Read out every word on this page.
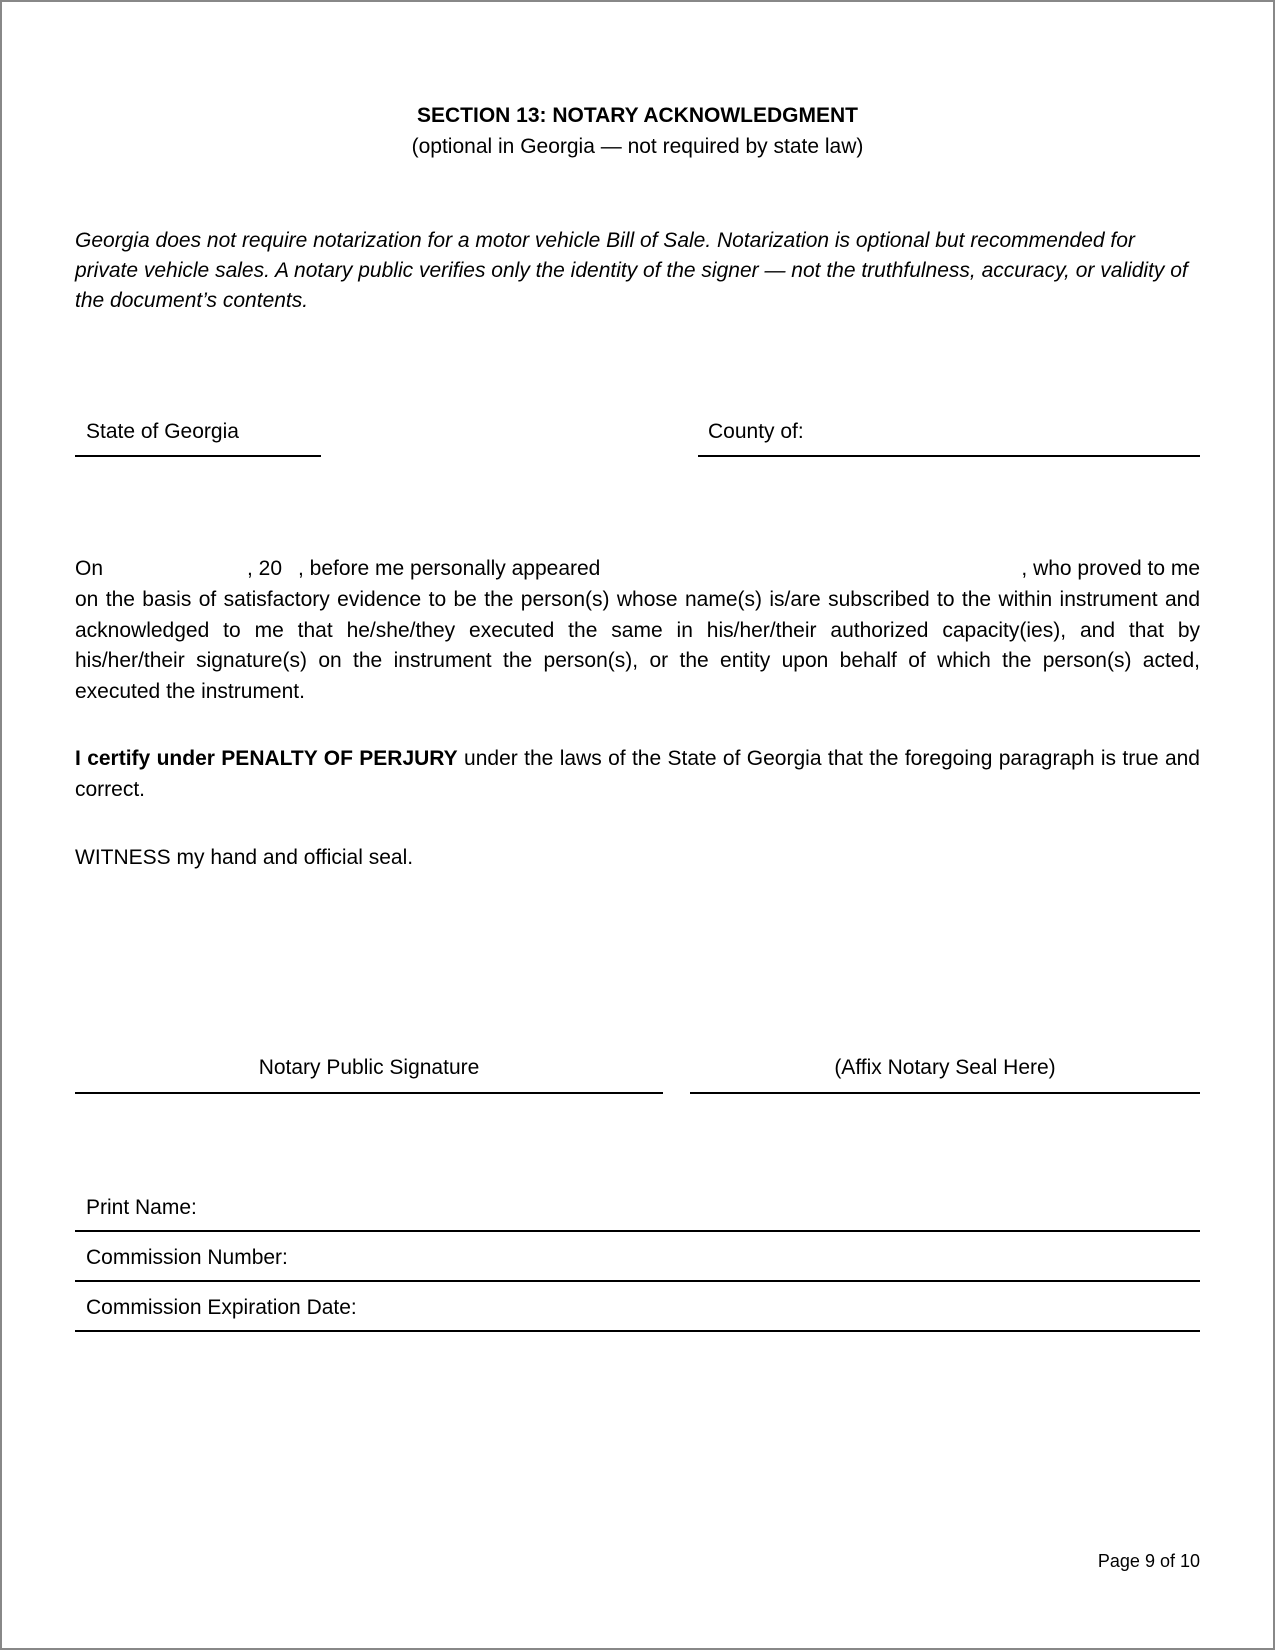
SECTION 13: NOTARY ACKNOWLEDGMENT
(optional in Georgia — not required by state law)
Georgia does not require notarization for a motor vehicle Bill of Sale. Notarization is optional but recommended for private vehicle sales. A notary public verifies only the identity of the signer — not the truthfulness, accuracy, or validity of the document’s contents.
State of Georgia	County of:
On	, 20 , before me personally appeared	, who proved to me
on the basis of satisfactory evidence to be the person(s) whose name(s) is/are subscribed to the within instrument and acknowledged to me that he/she/they executed the same in his/her/their authorized capacity(ies), and that by his/her/their signature(s) on the instrument the person(s), or the entity upon behalf of which the person(s) acted, executed the instrument.
I certify under PENALTY OF PERJURY under the laws of the State of Georgia that the foregoing paragraph is true and correct.
WITNESS my hand and official seal.
Notary Public Signature	(Affix Notary Seal Here)
Print Name:
Commission Number:
Commission Expiration Date:
Page 9 of 10
